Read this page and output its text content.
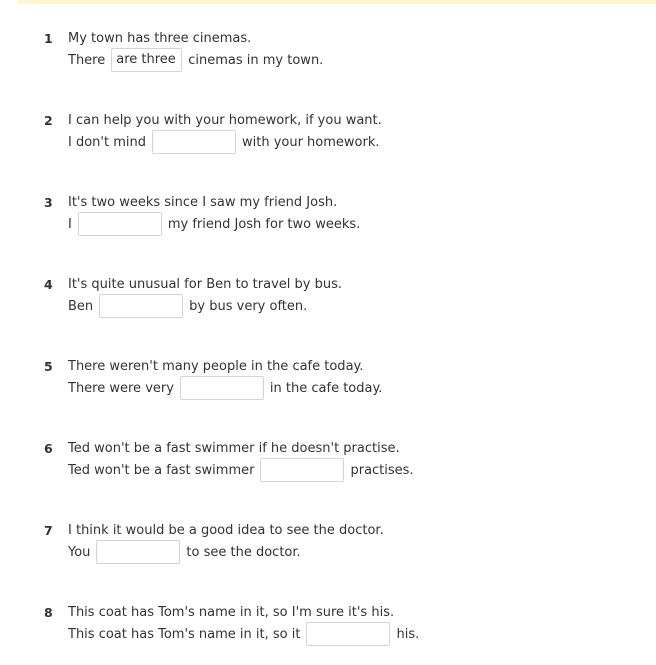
1 My town has three cinemas.
There are three cinemas in my town.
2 I can help you with your homework, if you want.
I don't mind	with your homework.
3 It's two weeks since I saw my friend Josh.
I	my friend Josh for two weeks.
4 It's quite unusual for Ben to travel by bus.
Ben	by bus very often.
5 There weren't many people in the cafe today.
There were very	in the cafe today.
6 Ted won't be a fast swimmer if he doesn't practise.
Ted won't be a fast swimmer	practises.
7 I think it would be a good idea to see the doctor.
You	to see the doctor.
8 This coat has Tom's name in it, so I'm sure it's his.
This coat has Tom's name in it, so it	his.
